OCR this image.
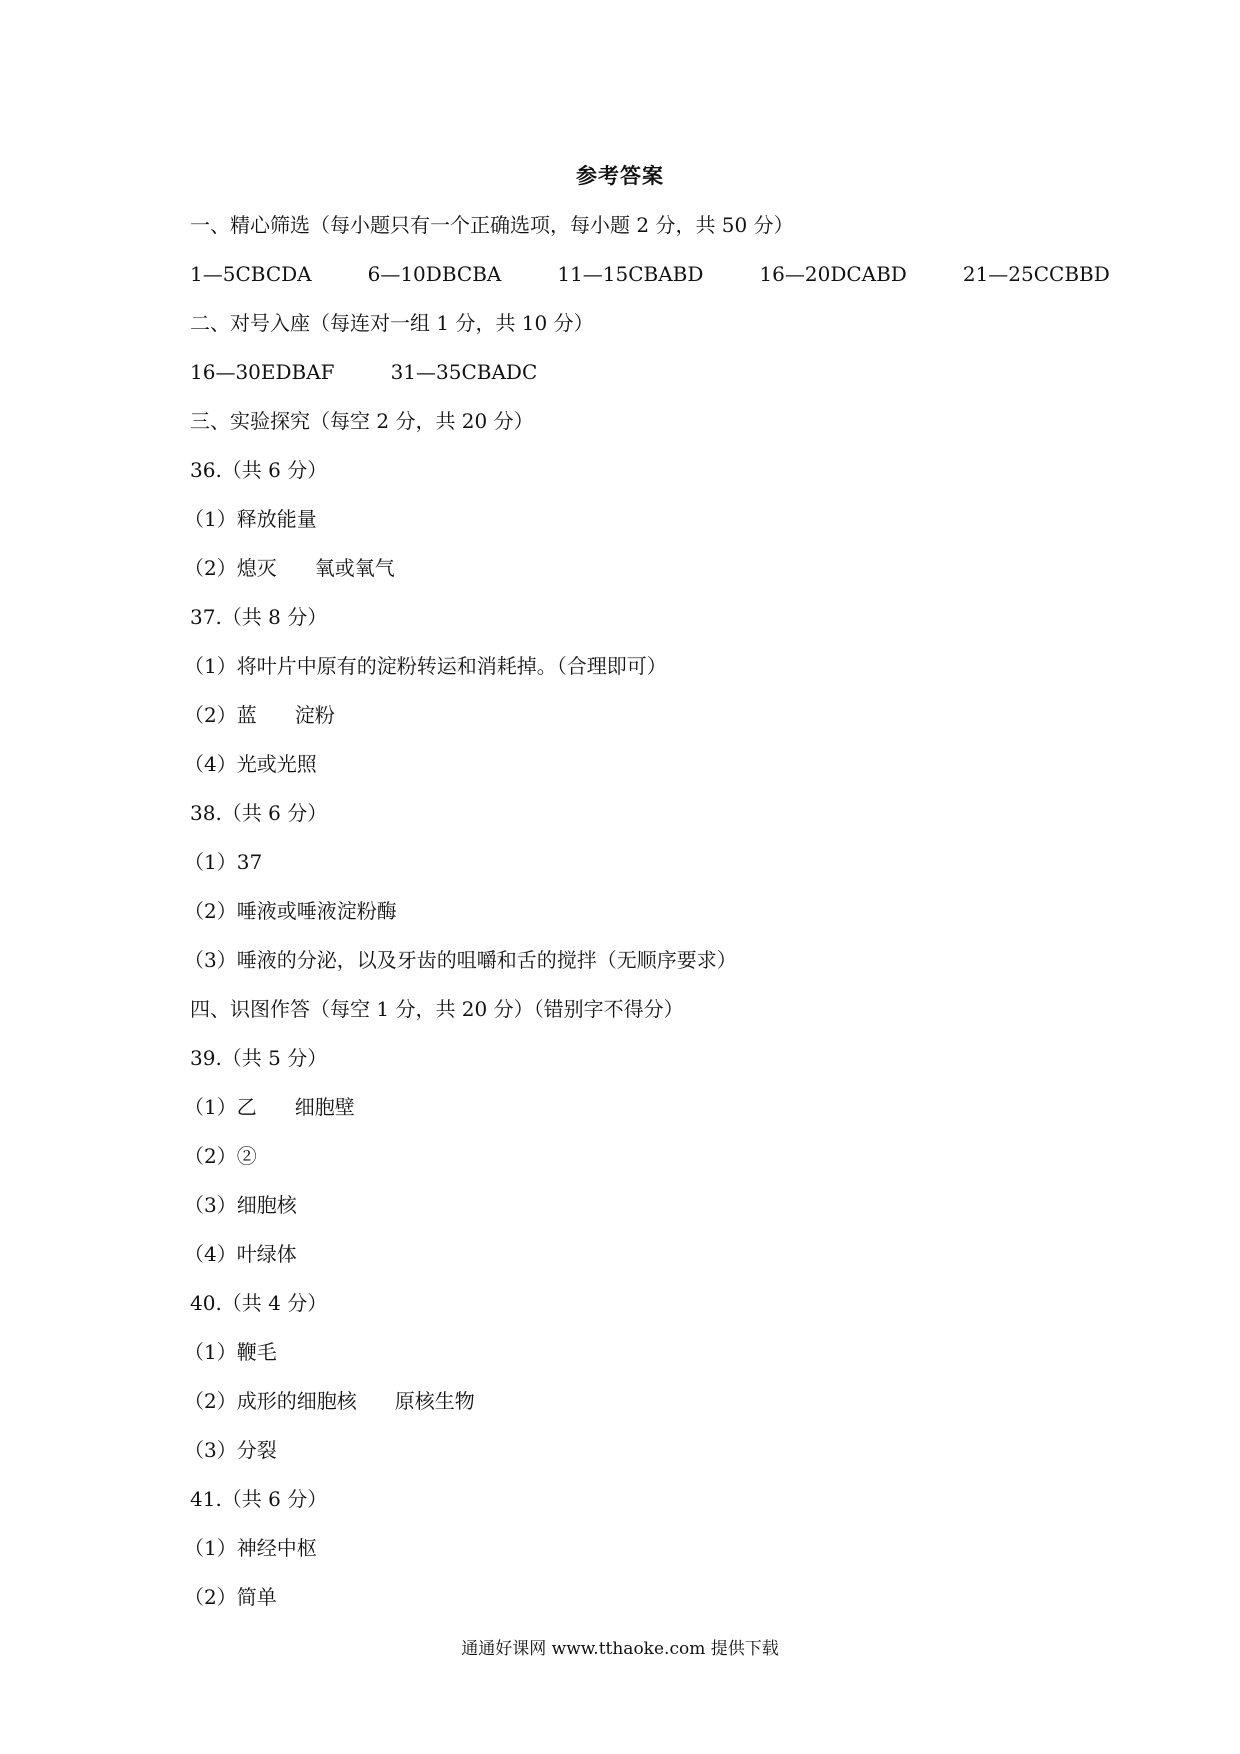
参考答案
一、精心筛选（每小题只有一个正确选项，每小题 2 分，共 50 分）
1—5CBCDA	6—10DBCBA	11—15CBABD	16—20DCABD	21—25CCBBD
二、对号入座（每连对一组 1 分，共 10 分）
16—30EDBAF	31—35CBADC
三、实验探究（每空 2 分，共 20 分）
36.（共 6 分）
（1）释放能量
（2）熄灭 氧或氧气
37.（共 8 分）
（1）将叶片中原有的淀粉转运和消耗掉。（合理即可）
（2）蓝 淀粉
（4）光或光照
38.（共 6 分）
（1）37
（2）唾液或唾液淀粉酶
（3）唾液的分泌，以及牙齿的咀嚼和舌的搅拌（无顺序要求）
四、识图作答（每空 1 分，共 20 分）（错别字不得分）
39.（共 5 分）
（1）乙 细胞壁
（2）②
（3）细胞核
（4）叶绿体
40.（共 4 分）
（1）鞭毛
（2）成形的细胞核 原核生物
（3）分裂
41.（共 6 分）
（1）神经中枢
（2）简单
通通好课网 www.tthaoke.com 提供下载
